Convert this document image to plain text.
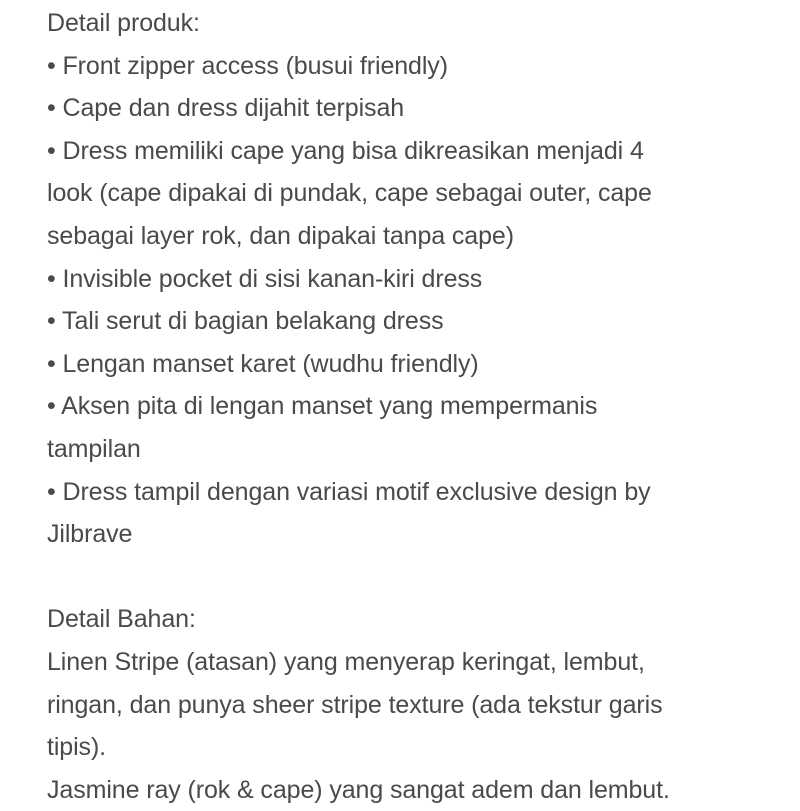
Detail produk:
• Front zipper access (busui friendly)
• Cape dan dress dijahit terpisah
• Dress memiliki cape yang bisa dikreasikan menjadi 4
look (cape dipakai di pundak, cape sebagai outer, cape
sebagai layer rok, dan dipakai tanpa cape)
• Invisible pocket di sisi kanan-kiri dress
• Tali serut di bagian belakang dress
• Lengan manset karet (wudhu friendly)
• Aksen pita di lengan manset yang mempermanis
tampilan
• Dress tampil dengan variasi motif exclusive design by
Jilbrave
Detail Bahan:
Linen Stripe (atasan) yang menyerap keringat, lembut,
ringan, dan punya sheer stripe texture (ada tekstur garis
tipis).
Jasmine ray (rok & cape) yang sangat adem dan lembut.
